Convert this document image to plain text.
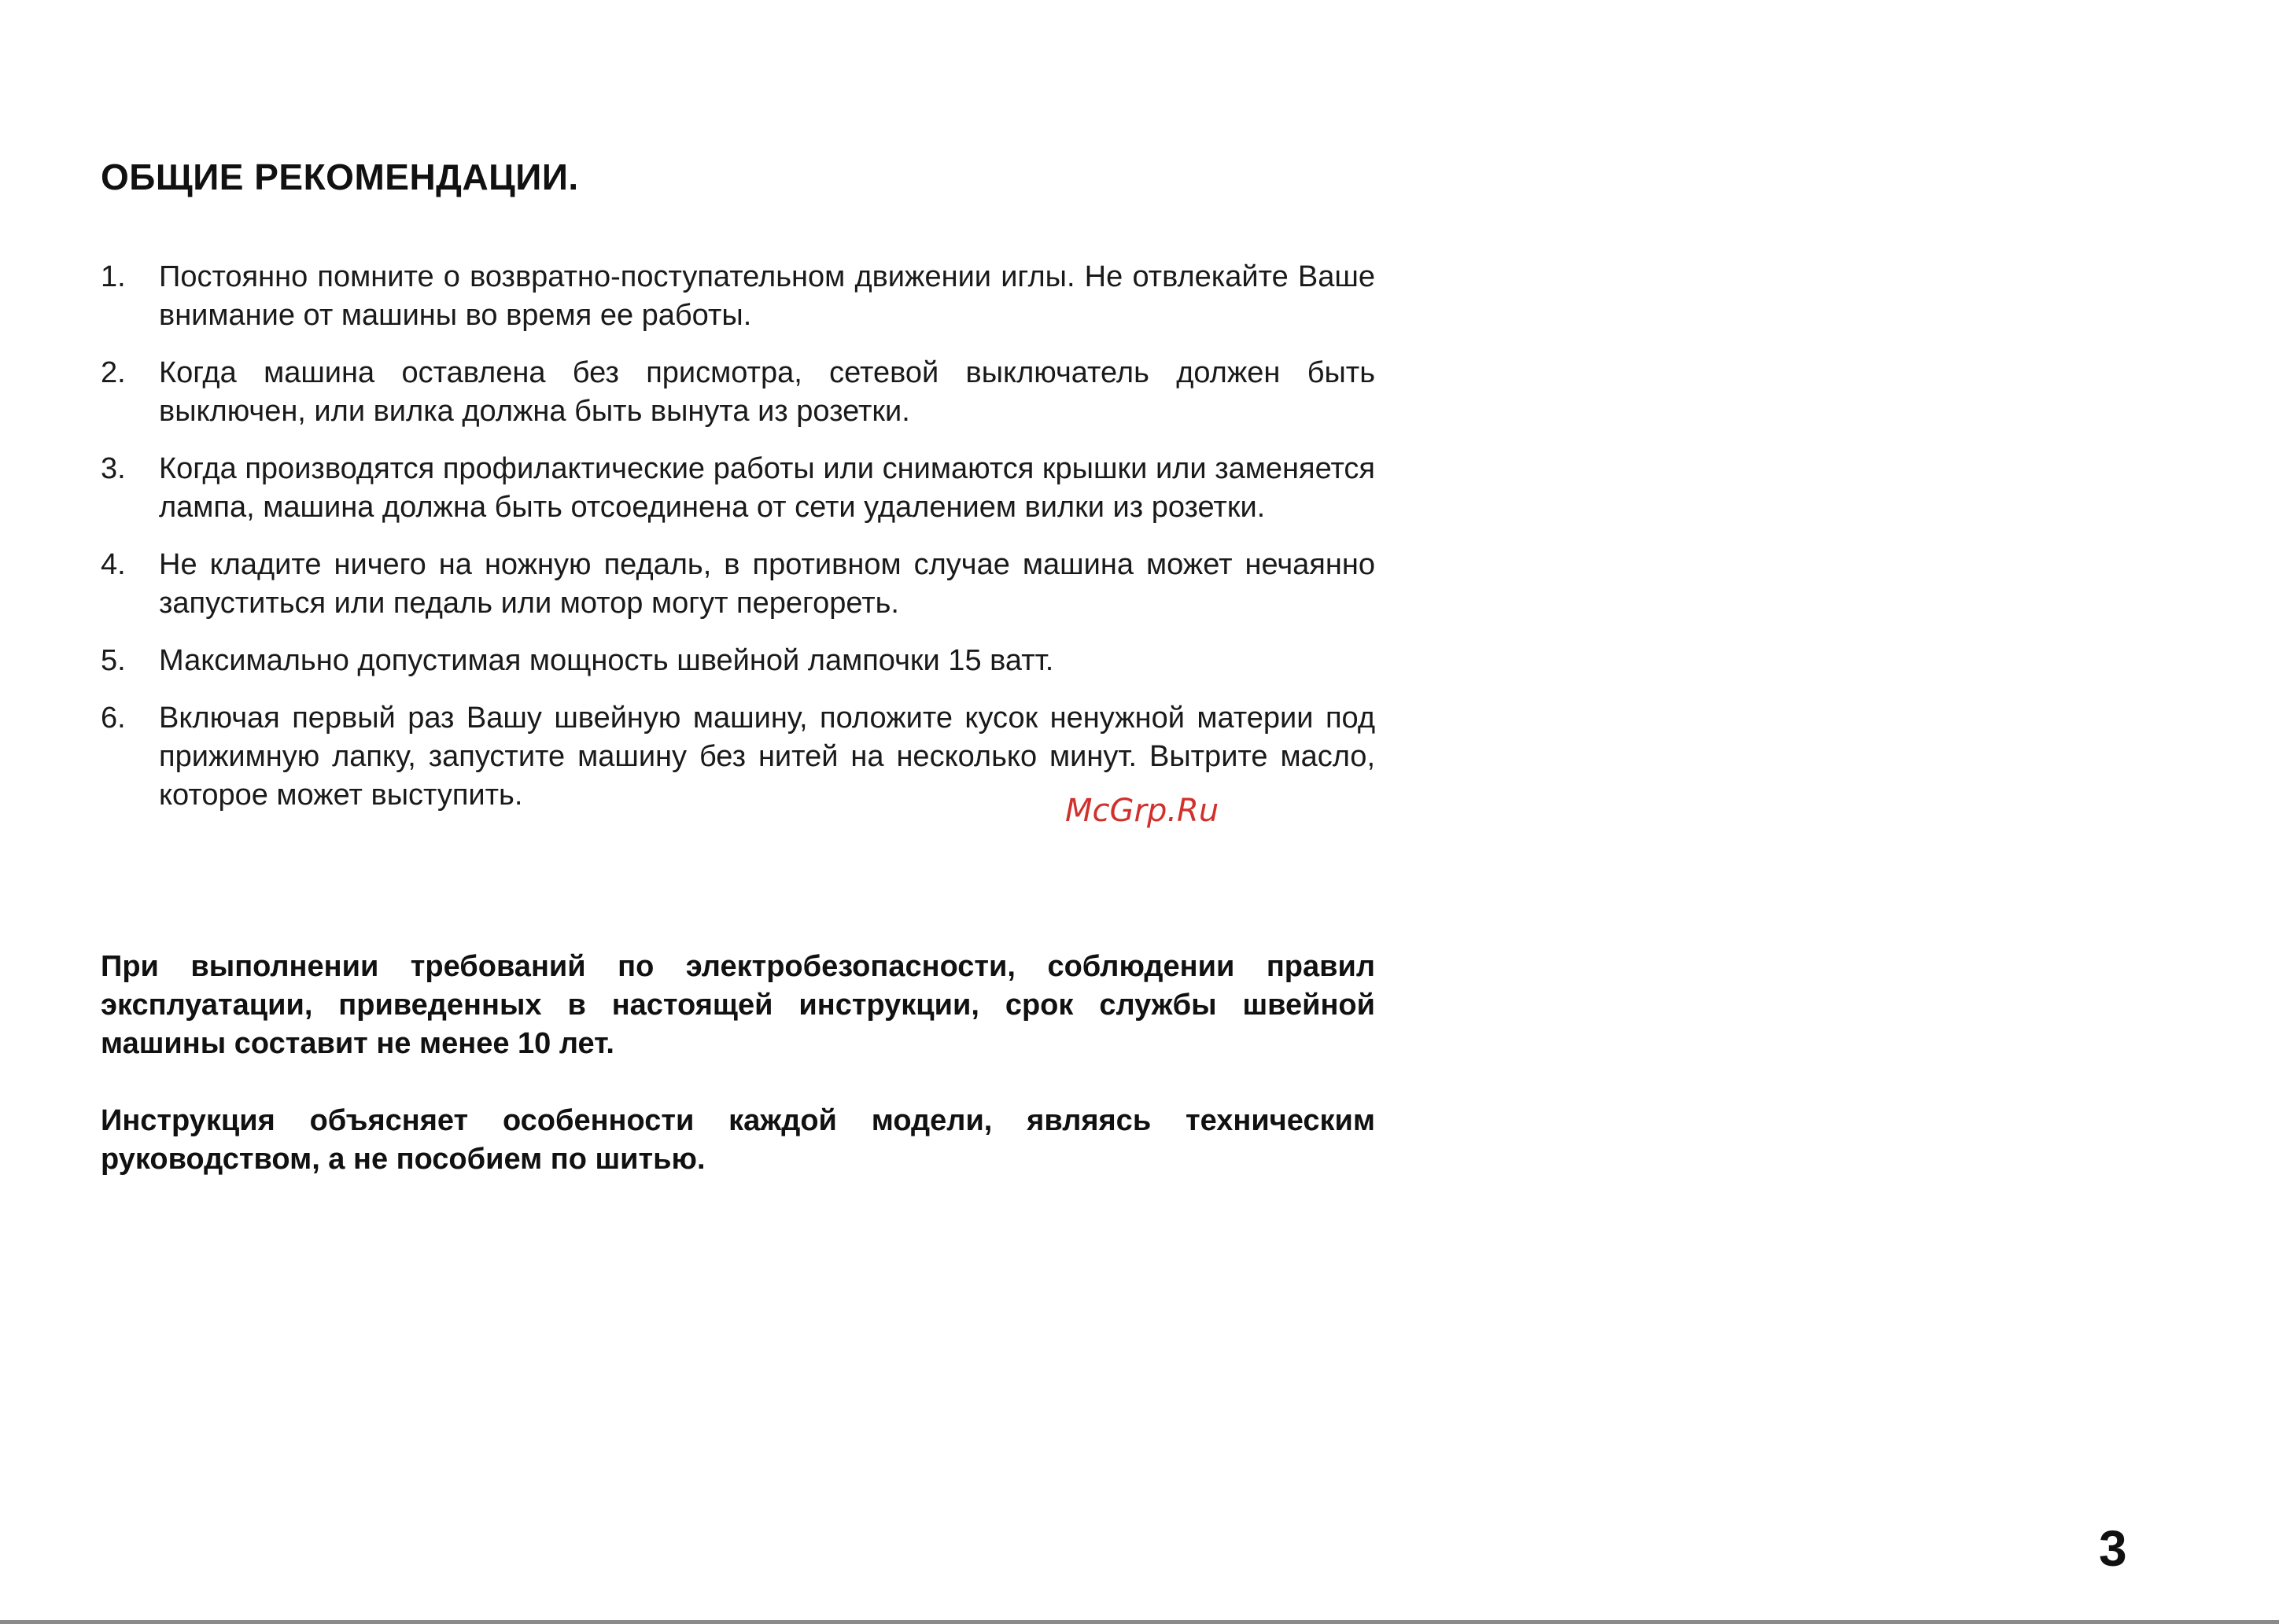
ОБЩИЕ РЕКОМЕНДАЦИИ.
1.	Постоянно помните о возвратно-поступательном движении иглы. Не отвлекайте Ваше внимание от машины во время ее работы.
2.	Когда машина оставлена без присмотра, сетевой выключатель должен быть выключен, или вилка должна быть вынута из розетки.
3.	Когда производятся профилактические работы или снимаются крышки или заменяется лампа, машина должна быть отсоединена от сети удалением вилки из розетки.
4.	Не кладите ничего на ножную педаль, в противном случае машина может нечаянно запуститься или педаль или мотор могут перегореть.
5.	Максимально допустимая мощность швейной лампочки 15 ватт.
6.	Включая первый раз Вашу швейную машину, положите кусок ненужной материи под прижимную лапку, запустите машину без нитей на несколько минут. Вытрите масло, которое может выступить.	McGrp.Ru

При выполнении требований по электробезопасности, соблюдении правил эксплуатации, приведенных в настоящей инструкции, срок службы швейной машины составит не менее 10 лет.

Инструкция объясняет особенности каждой модели, являясь техническим руководством, а не пособием по шитью.

3
